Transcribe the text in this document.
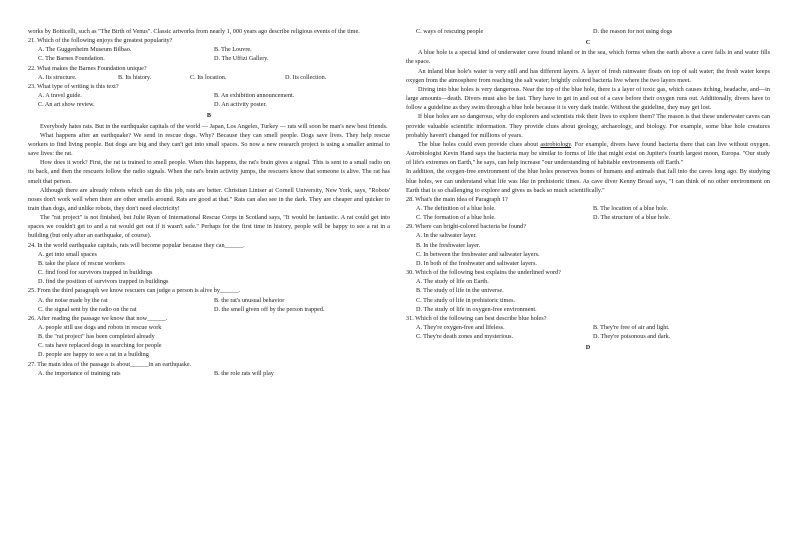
works by Botticelli, such as "The Birth of Venus". Classic artworks from nearly 1, 000 years ago describe religious events of the time.

21. Which of the following enjoys the greatest popularity?

A. The Guggenheim Museum Bilbao.	B. The Louvre.
C. The Barnes Foundation.	D. The Uffizi Gallery.

22. What makes the Barnes Foundation unique?

A. Its structure.	B. Its history.	C. Its location.	D. Its collection.

23. What type of writing is this text?

A. A travel guide.	B. An exhibition announcement.
C. An art show review.	D. An activity poster.
B

Everybody hates rats. But in the earthquake capitals of the world — Japan, Los Angeles, Turkey — rats will soon be man's new best friends.

What happens after an earthquake? We send in rescue dogs. Why? Because they can smell people. Dogs save lives. They help rescue workers to find living people. But dogs are big and they can't get into small spaces. So now a new research project is using a smaller animal to save lives: the rat.

How does it work? First, the rat is trained to smell people. When this happens, the rat's brain gives a signal. This is sent to a small radio on its back, and then the rescuers follow the radio signals. When the rat's brain activity jumps, the rescuers know that someone is alive. The rat has smelt that person.

Although there are already robots which can do this job, rats are better. Christian Lintser at Cornell University, New York, says, "Robots' noses don't work well when there are other smells around. Rats are good at that." Rats can also see in the dark. They are cheaper and quicker to train than dogs, and unlike robots, they don't need electricity!

The "rat project" is not finished, but Julie Ryan of International Rescue Corps in Scotland says, "It would be fantastic. A rat could get into spaces we couldn't get to and a rat would get out if it wasn't safe." Perhaps for the first time in history, people will be happy to see a rat in a building (but only after an earthquake, of course).

24. In the world earthquake capitals, rats will become popular because they can______.

A. get into small spaces
B. take the place of rescue workers
C. find food for survivors trapped in buildings
D. find the position of survivors trapped in buildings

25. From the third paragraph we know rescuers can judge a person is alive by______.

A. the noise made by the rat	B. the rat's unusual behavior
C. the signal sent by the radio on the rat	D. the smell given off by the person trapped.

26. After reading the passage we know that now______.

A. people still use dogs and robots in rescue work
B. the "rat project" has been completed already
C. rats have replaced dogs in searching for people
D. people are happy to see a rat in a building

27. The main idea of the passage is about______in an earthquake.

A. the importance of training rats	B. the role rats will play
C. ways of rescuing people	D. the reason for not using dogs
C

A blue hole is a special kind of underwater cave found inland or in the sea, which forms when the earth above a cave falls in and water fills the space.

An inland blue hole's water is very still and has different layers. A layer of fresh rainwater floats on top of salt water; the fresh water keeps oxygen from the atmosphere from reaching the salt water; brightly colored bacteria live where the two layers meet.

Diving into blue holes is very dangerous. Near the top of the blue hole, there is a layer of toxic gas, which causes itching, headache, and—in large amounts—death. Divers must also be fast. They have to get in and out of a cave before their oxygen runs out. Additionally, divers have to follow a guideline as they swim through a blue hole because it is very dark inside. Without the guideline, they may get lost.

If blue holes are so dangerous, why do explorers and scientists risk their lives to explore them? The reason is that these underwater caves can provide valuable scientific information. They provide clues about geology, archaeology, and biology. For example, some blue hole creatures probably haven't changed for millions of years.

The blue holes could even provide clues about astrobiology. For example, divers have found bacteria there that can live without oxygen. Astrobiologist Kevin Hand says the bacteria may be similar to forms of life that might exist on Jupiter's fourth largest moon, Europa. "Our study of life's extremes on Earth," he says, can help increase "our understanding of habitable environments off Earth."

In addition, the oxygen-free environment of the blue holes preserves bones of humans and animals that fall into the caves long ago. By studying blue holes, we can understand what life was like in prehistoric times. As cave diver Kenny Broad says, "I can think of no other environment on Earth that is so challenging to explore and gives us back so much scientifically."

28. What's the main idea of Paragraph 1?

A. The definition of a blue hole.	B. The location of a blue hole.
C. The formation of a blue hole.	D. The structure of a blue hole.

29. Where can bright-colored bacteria be found?

A. In the saltwater layer.
B. In the freshwater layer.
C. In between the freshwater and saltwater layers.
D. In both of the freshwater and saltwater layers.

30. Which of the following best explains the underlined word?

A. The study of life on Earth.
B. The study of life in the universe.
C. The study of life in prehistoric times.
D. The study of life in oxygen-free environment.

31. Which of the following can best describe blue holes?

A. They're oxygen-free and lifeless.	B. They're free of air and light.
C. They're death zones and mysterious.	D. They're poisonous and dark.
D
